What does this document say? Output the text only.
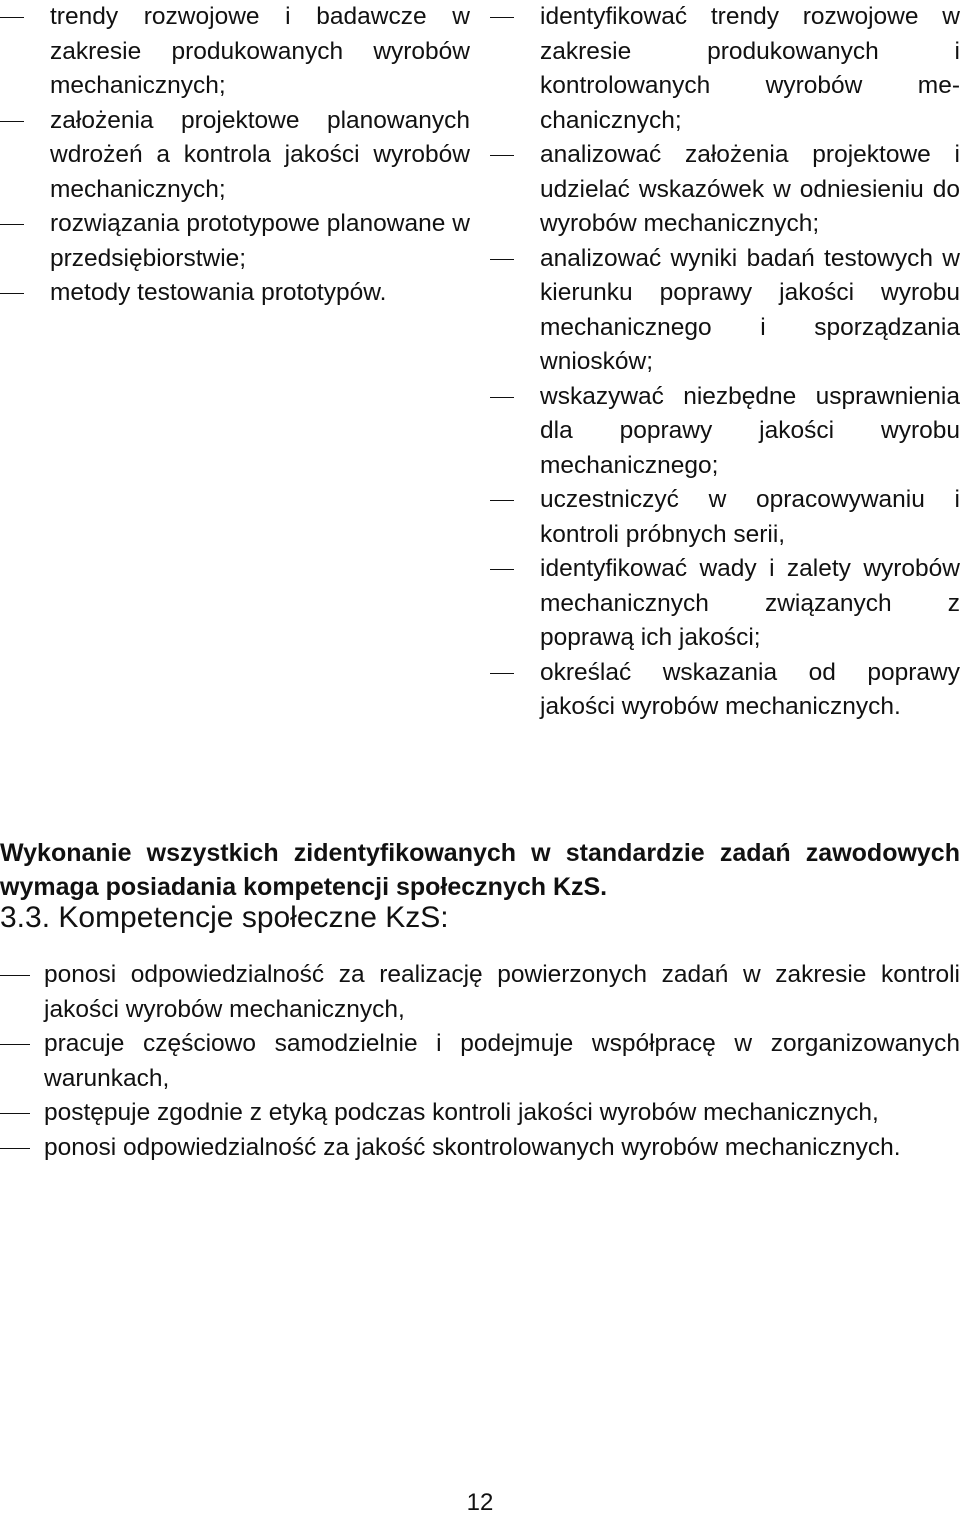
trendy rozwojowe i badawcze w zakresie produkowanych wyrobów mechanicznych;
założenia projektowe planowanych wdrożeń a kontrola jakości wyrobów mechanicznych;
rozwiązania prototypowe planowane w przedsiębiorstwie;
metody testowania prototypów.
identyfikować trendy rozwojowe w zakresie produkowanych i kontrolowanych wyrobów mechanicznych;
analizować założenia projektowe i udzielać wskazówek w odniesieniu do wyrobów mechanicznych;
analizować wyniki badań testowych w kierunku poprawy jakości wyrobu mechanicznego i sporządzania wniosków;
wskazywać niezbędne usprawnienia dla poprawy jakości wyrobu mechanicznego;
uczestniczyć w opracowywaniu i kontroli próbnych serii,
identyfikować wady i zalety wyrobów mechanicznych związanych z poprawą ich jakości;
określać wskazania od poprawy jakości wyrobów mechanicznych.

Wykonanie wszystkich zidentyfikowanych w standardzie zadań zawodowych wymaga posiadania kompetencji społecznych KzS.

3.3. Kompetencje społeczne KzS:
ponosi odpowiedzialność za realizację powierzonych zadań w zakresie kontroli jakości wyrobów mechanicznych,
pracuje częściowo samodzielnie i podejmuje współpracę w zorganizowanych warunkach,
postępuje zgodnie z etyką podczas kontroli jakości wyrobów mechanicznych,
ponosi odpowiedzialność za jakość skontrolowanych wyrobów mechanicznych.
12
